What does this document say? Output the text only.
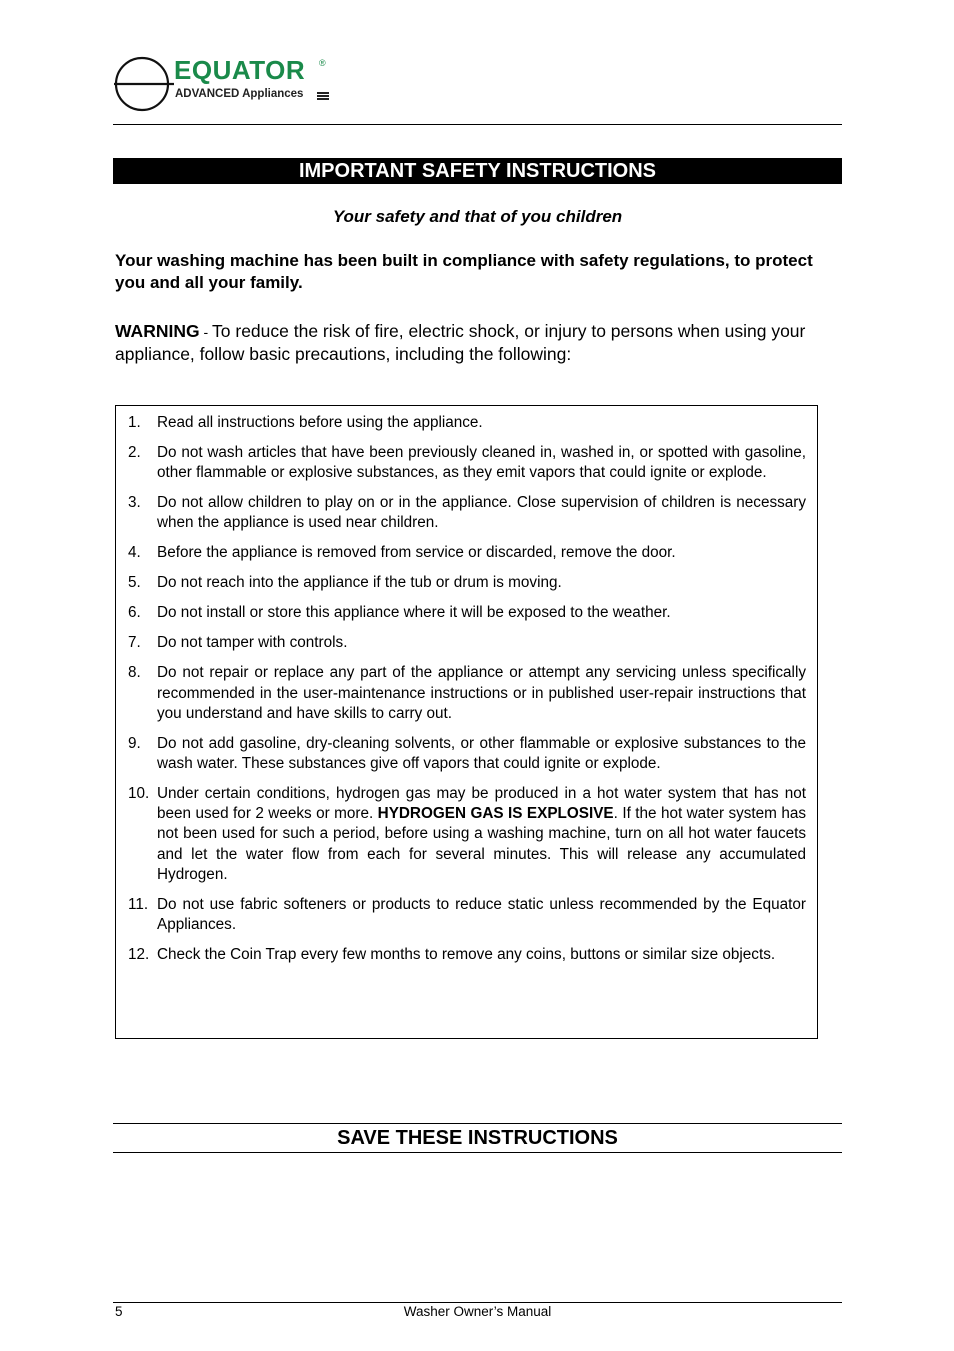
EQUATOR ®
ADVANCED Appliances
IMPORTANT SAFETY INSTRUCTIONS
Your safety and that of you children
Your washing machine has been built in compliance with safety regulations, to protect you and all your family.
WARNING - To reduce the risk of fire, electric shock, or injury to persons when using your appliance, follow basic precautions, including the following:
1.	Read all instructions before using the appliance.
2.	Do not wash articles that have been previously cleaned in, washed in, or spotted with gasoline, other flammable or explosive substances, as they emit vapors that could ignite or explode.
3.	Do not allow children to play on or in the appliance. Close supervision of children is necessary when the appliance is used near children.
4.	Before the appliance is removed from service or discarded, remove the door.
5.	Do not reach into the appliance if the tub or drum is moving.
6.	Do not install or store this appliance where it will be exposed to the weather.
7.	Do not tamper with controls.
8.	Do not repair or replace any part of the appliance or attempt any servicing unless specifically recommended in the user-maintenance instructions or in published user-repair instructions that you understand and have skills to carry out.
9.	Do not add gasoline, dry-cleaning solvents, or other flammable or explosive substances to the wash water. These substances give off vapors that could ignite or explode.
10. Under certain conditions, hydrogen gas may be produced in a hot water system that has not been used for 2 weeks or more. HYDROGEN GAS IS EXPLOSIVE. If the hot water system has not been used for such a period, before using a washing machine, turn on all hot water faucets and let the water flow from each for several minutes. This will release any accumulated Hydrogen.
11. Do not use fabric softeners or products to reduce static unless recommended by the Equator Appliances.
12. Check the Coin Trap every few months to remove any coins, buttons or similar size objects.
SAVE THESE INSTRUCTIONS
5	Washer Owner’s Manual
